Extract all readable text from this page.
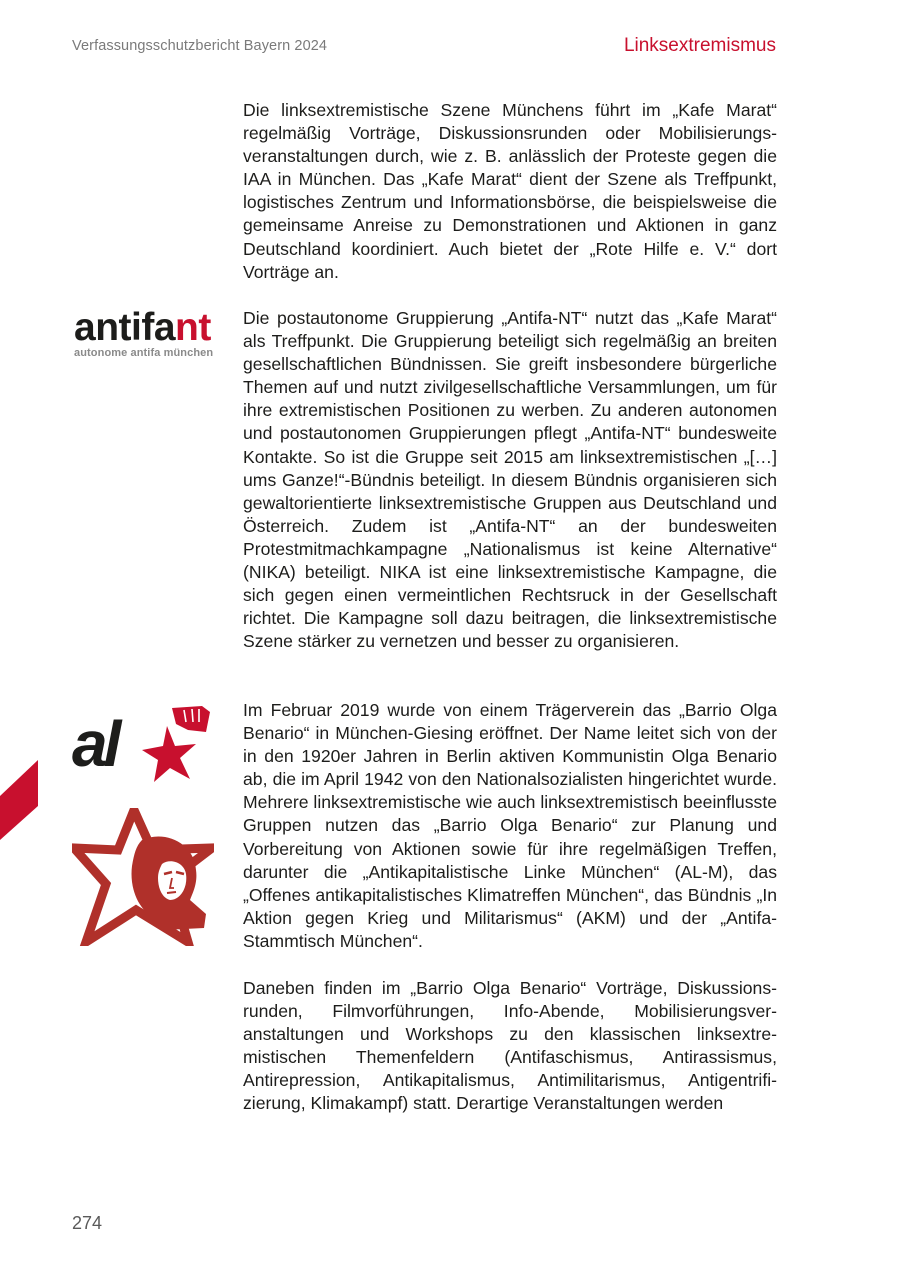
Verfassungsschutzbericht Bayern 2024	Linksextremismus

Die linksextremistische Szene Münchens führt im „Kafe Marat“ regelmäßig Vorträge, Diskussionsrunden oder Mobilisierungsveranstaltungen durch, wie z. B. anlässlich der Proteste gegen die IAA in München. Das „Kafe Marat“ dient der Szene als Treffpunkt, logistisches Zentrum und Informationsbörse, die beispielsweise die gemeinsame Anreise zu Demonstrationen und Aktionen in ganz Deutschland koordiniert. Auch bietet der „Rote Hilfe e. V.“ dort Vorträge an.

antifant
autonome antifa münchen

Die postautonome Gruppierung „Antifa-NT“ nutzt das „Kafe Marat“ als Treffpunkt. Die Gruppierung beteiligt sich regelmäßig an breiten gesellschaftlichen Bündnissen. Sie greift insbesondere bürgerliche Themen auf und nutzt zivilgesellschaftliche Versammlungen, um für ihre extremistischen Positionen zu werben. Zu anderen autonomen und postautonomen Gruppierungen pflegt „Antifa-NT“ bundesweite Kontakte. So ist die Gruppe seit 2015 am linksextremistischen „[…] ums Ganze!“-Bündnis beteiligt. In diesem Bündnis organisieren sich gewaltorientierte linksextremistische Gruppen aus Deutschland und Österreich. Zudem ist „Antifa-NT“ an der bundesweiten Protestmitmachkampagne „Nationalismus ist keine Alternative“ (NIKA) beteiligt. NIKA ist eine linksextremistische Kampagne, die sich gegen einen vermeintlichen Rechtsruck in der Gesellschaft richtet. Die Kampagne soll dazu beitragen, die linksextremistische Szene stärker zu vernetzen und besser zu organisieren.

al	Im Februar 2019 wurde von einem Trägerverein das „Barrio Olga Benario“ in München-Giesing eröffnet. Der Name leitet sich von der in den 1920er Jahren in Berlin aktiven Kommunistin Olga Benario ab, die im April 1942 von den Nationalsozialisten hingerichtet wurde. Mehrere linksextremistische wie auch linksextremistisch beeinflusste Gruppen nutzen das „Barrio Olga Benario“ zur Planung und Vorbereitung von Aktionen sowie für ihre regelmäßigen Treffen, darunter die „Antikapitalistische Linke München“ (AL-M), das „Offenes antikapitalistisches Klimatreffen München“, das Bündnis „In Aktion gegen Krieg und Militarismus“ (AKM) und der „Antifa-Stammtisch München“.

Daneben finden im „Barrio Olga Benario“ Vorträge, Diskussionsrunden, Filmvorführungen, Info-Abende, Mobilisierungsveranstaltungen und Workshops zu den klassischen linksextremistischen Themenfeldern (Antifaschismus, Antirassismus, Antirepression, Antikapitalismus, Antimilitarismus, Antigentrifizierung, Klimakampf) statt. Derartige Veranstaltungen werden

274
